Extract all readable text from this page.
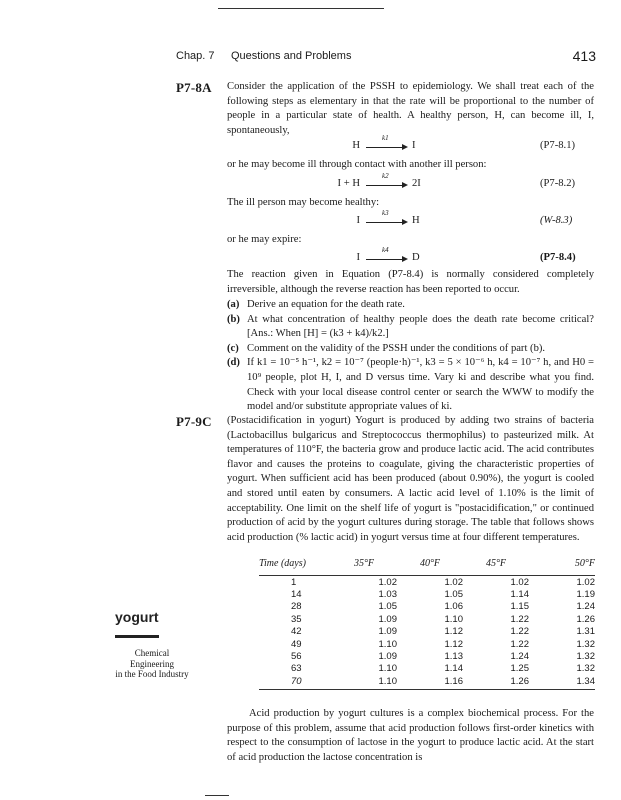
Chap. 7 Questions and Problems	413
P7-8A Consider the application of the PSSH to epidemiology. We shall treat each of the following steps as elementary in that the rate will be proportional to the number of people in a particular state of health. A healthy person, H, can become ill, I, spontaneously,
H →
k1
I	(P7-8.1)
or he may become ill through contact with another ill person:
I + H →
k2
2I	(P7-8.2)
The ill person may become healthy:
I →
k3
H	(W-8.3)
or he may expire:
I →
k4
D	(P7-8.4)
The reaction given in Equation (P7-8.4) is normally considered completely irreversible, although the reverse reaction has been reported to occur.
(a) Derive an equation for the death rate.
(b) At what concentration of healthy people does the death rate become critical? [Ans.: When [H] = (k3 + k4)/k2.]
(c) Comment on the validity of the PSSH under the conditions of part (b).
(d) If k1 = 10⁻⁵ h⁻¹, k2 = 10⁻⁷ (people·h)⁻¹, k3 = 5 × 10⁻⁶ h, k4 = 10⁻⁷ h, and H0 = 10⁹ people, plot H, I, and D versus time. Vary ki and describe what you find. Check with your local disease control center or search the WWW to modify the model and/or substitute appropriate values of ki.
P7-9C (Postacidification in yogurt) Yogurt is produced by adding two strains of bacteria (Lactobacillus bulgaricus and Streptococcus thermophilus) to pasteurized milk. At temperatures of 110°F, the bacteria grow and produce lactic acid. The acid contributes flavor and causes the proteins to coagulate, giving the characteristic properties of yogurt. When sufficient acid has been produced (about 0.90%), the yogurt is cooled and stored until eaten by consumers. A lactic acid level of 1.10% is the limit of acceptability. One limit on the shelf life of yogurt is "postacidification," or continued production of acid by the yogurt cultures during storage. The table that follows shows acid production (% lactic acid) in yogurt versus time at four different temperatures.
Time (days)	35°F	40°F	45°F	50°F
1	1.02	1.02	1.02	1.02
14	1.03	1.05	1.14	1.19
28	1.05	1.06	1.15	1.24
35	1.09	1.10	1.22	1.26
42	1.09	1.12	1.22	1.31
49	1.10	1.12	1.22	1.32
56	1.09	1.13	1.24	1.32
63	1.10	1.14	1.25	1.32
70	1.10	1.16	1.26	1.34
yogurt
Chemical Engineering
in the Food Industry
Acid production by yogurt cultures is a complex biochemical process. For the purpose of this problem, assume that acid production follows first-order kinetics with respect to the consumption of lactose in the yogurt to produce lactic acid. At the start of acid production the lactose concentration is
